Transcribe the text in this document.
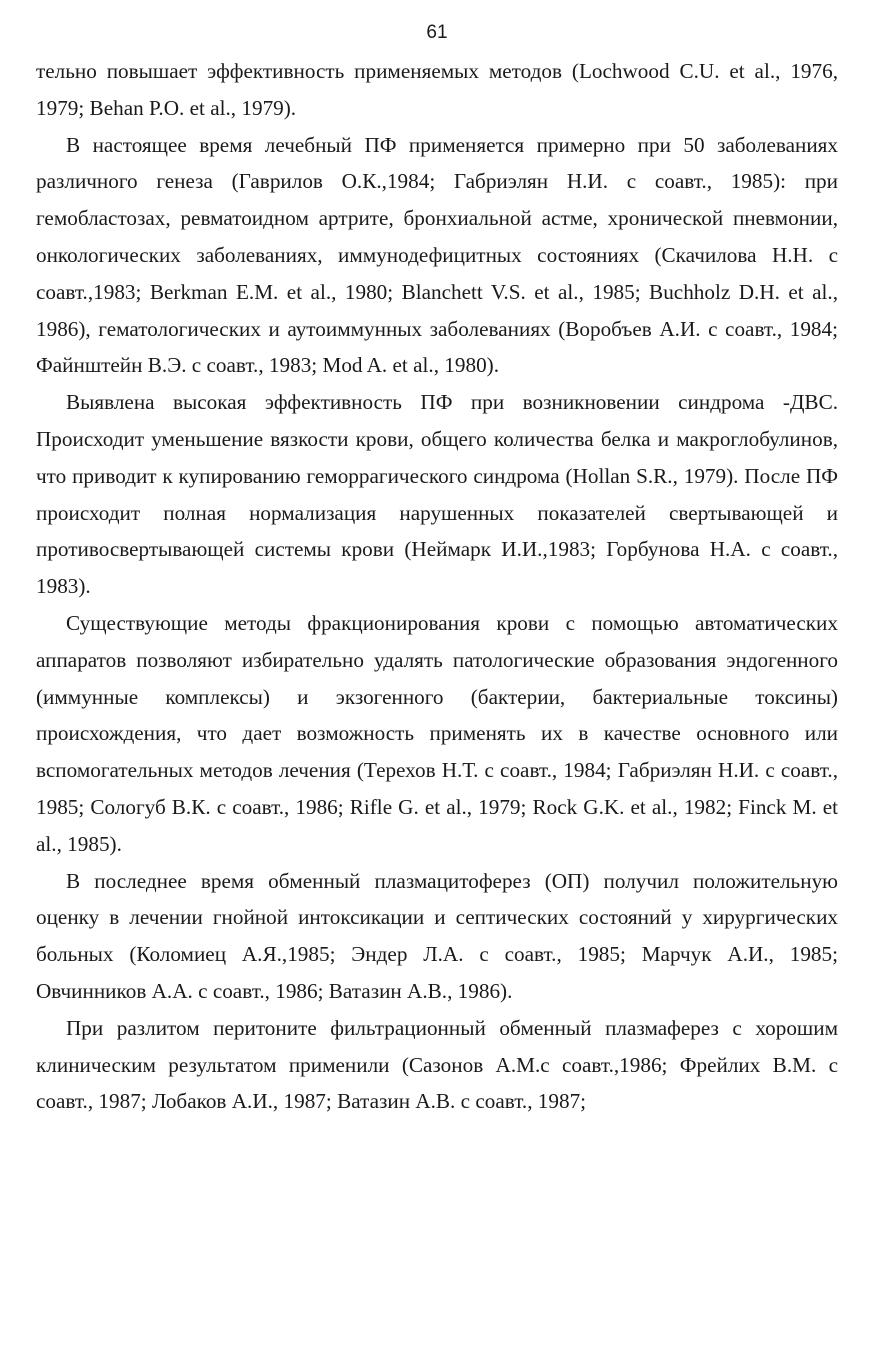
61

тельно повышает эффективность применяемых методов (Lochwood C.U. et al., 1976, 1979; Behan P.O. et al., 1979).

В настоящее время лечебный ПФ применяется примерно при 50 заболеваниях различного генеза (Гаврилов О.К.,1984; Габриэлян Н.И. с соавт., 1985): при гемобластозах, ревматоидном артрите, бронхиальной астме, хронической пневмонии, онкологических заболеваниях, иммунодефицитных состояниях (Скачилова Н.Н. с соавт.,1983; Berkman E.M. et al., 1980; Blanchett V.S. et al., 1985; Buchholz D.H. et al., 1986), гематологических и аутоиммунных заболеваниях (Воробъев А.И. с соавт., 1984; Файнштейн В.Э. с соавт., 1983; Mod A. et al., 1980).

Выявлена высокая эффективность ПФ при возникновении синдрома -ДВС. Происходит уменьшение вязкости крови, общего количества белка и макроглобулинов, что приводит к купированию геморрагического синдрома (Hollan S.R., 1979). После ПФ происходит полная нормализация нарушенных показателей свертывающей и противосвертывающей системы крови (Неймарк И.И.,1983; Горбунова Н.А. с соавт., 1983).

Существующие методы фракционирования крови с помощью автоматических аппаратов позволяют избирательно удалять патологические образования эндогенного (иммунные комплексы) и экзогенного (бактерии, бактериальные токсины) происхождения, что дает возможность применять их в качестве основного или вспомогательных методов лечения (Терехов Н.Т. с соавт., 1984; Габриэлян Н.И. с соавт., 1985; Сологуб В.К. с соавт., 1986; Rifle G. et al., 1979; Rock G.K. et al., 1982; Finck M. et al., 1985).

В последнее время обменный плазмацитоферез (ОП) получил положительную оценку в лечении гнойной интоксикации и септических состояний у хирургических больных (Коломиец А.Я.,1985; Эндер Л.А. с соавт., 1985; Марчук А.И., 1985; Овчинников А.А. с соавт., 1986; Ватазин А.В., 1986).

При разлитом перитоните фильтрационный обменный плазмаферез с хорошим клиническим результатом применили (Сазонов А.М.с соавт.,1986; Фрейлих В.М. с соавт., 1987; Лобаков А.И., 1987; Ватазин А.В. с соавт., 1987;
